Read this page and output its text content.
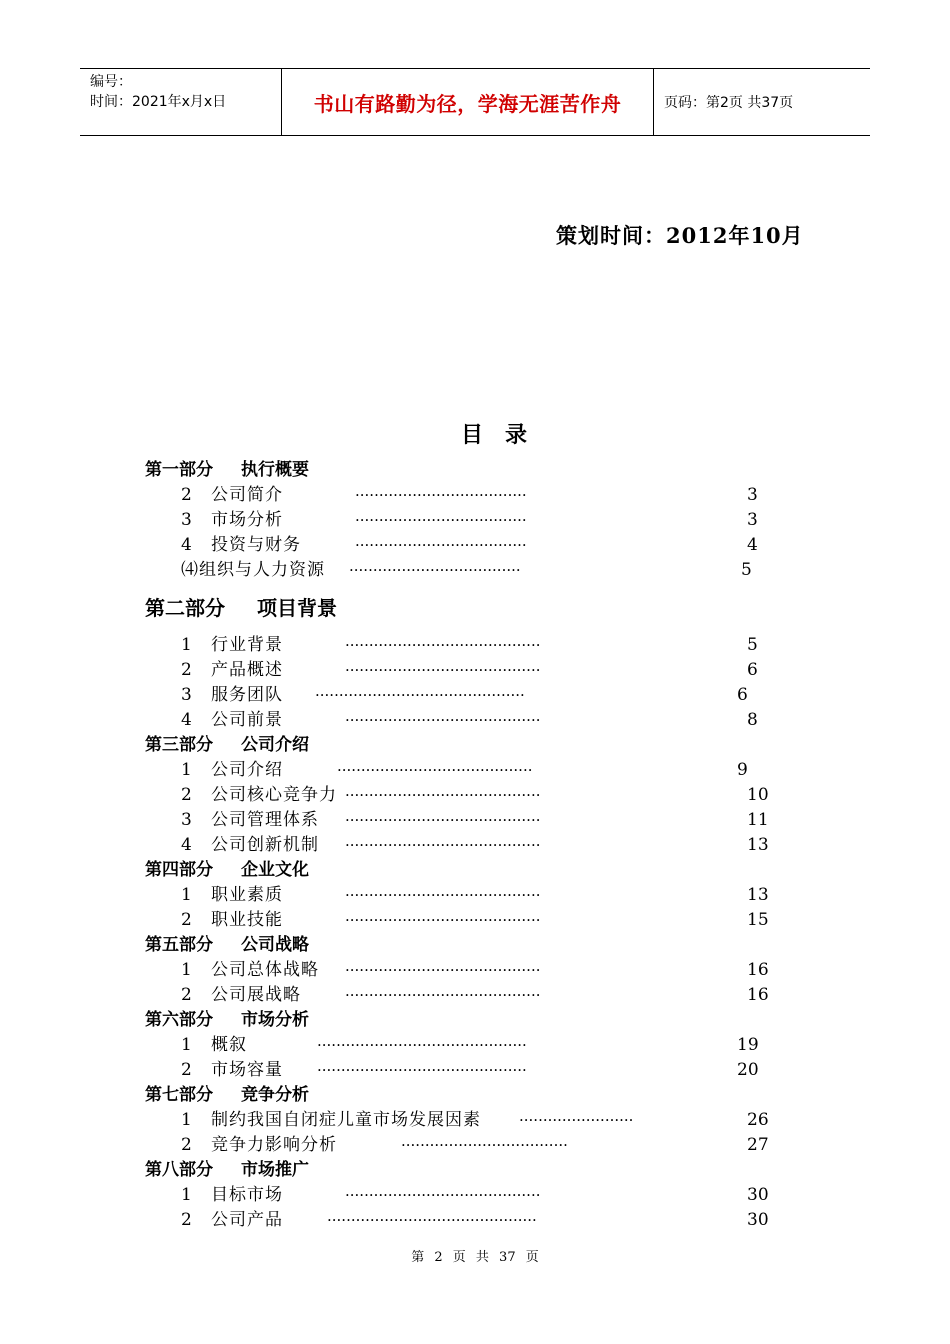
编号：
时间：2021年x月x日	书山有路勤为径，学海无涯苦作舟	页码：第2页 共37页
策划时间：2012年10月
目录
第一部分 执行概要
2 公司简介	····································	3
3 市场分析	····································	3
4 投资与财务	····································	4
⑷组织与人力资源 ····································	5
第二部分 项目背景
1 行业背景	·········································	5
2 产品概述	·········································	6
3 服务团队 ············································	6
4 公司前景	·········································	8
第三部分 公司介绍
1 公司介绍	·········································	9
2 公司核心竞争力 ·········································	10
3 公司管理体系 ·········································	11
4 公司创新机制 ·········································	13
第四部分 企业文化
1 职业素质	·········································	13
2 职业技能	·········································	15
第五部分 公司战略
1 公司总体战略 ·········································	16
2 公司展战略	·········································	16
第六部分 市场分析
1 概叙	············································	19
2 市场容量 ············································	20
第七部分 竞争分析
1 制约我国自闭症儿童市场发展因素	························	26
2 竞争力影响分析	···································	27
第八部分 市场推广
1 目标市场	·········································	30
2 公司产品	············································	30
第 2 页 共 37 页
